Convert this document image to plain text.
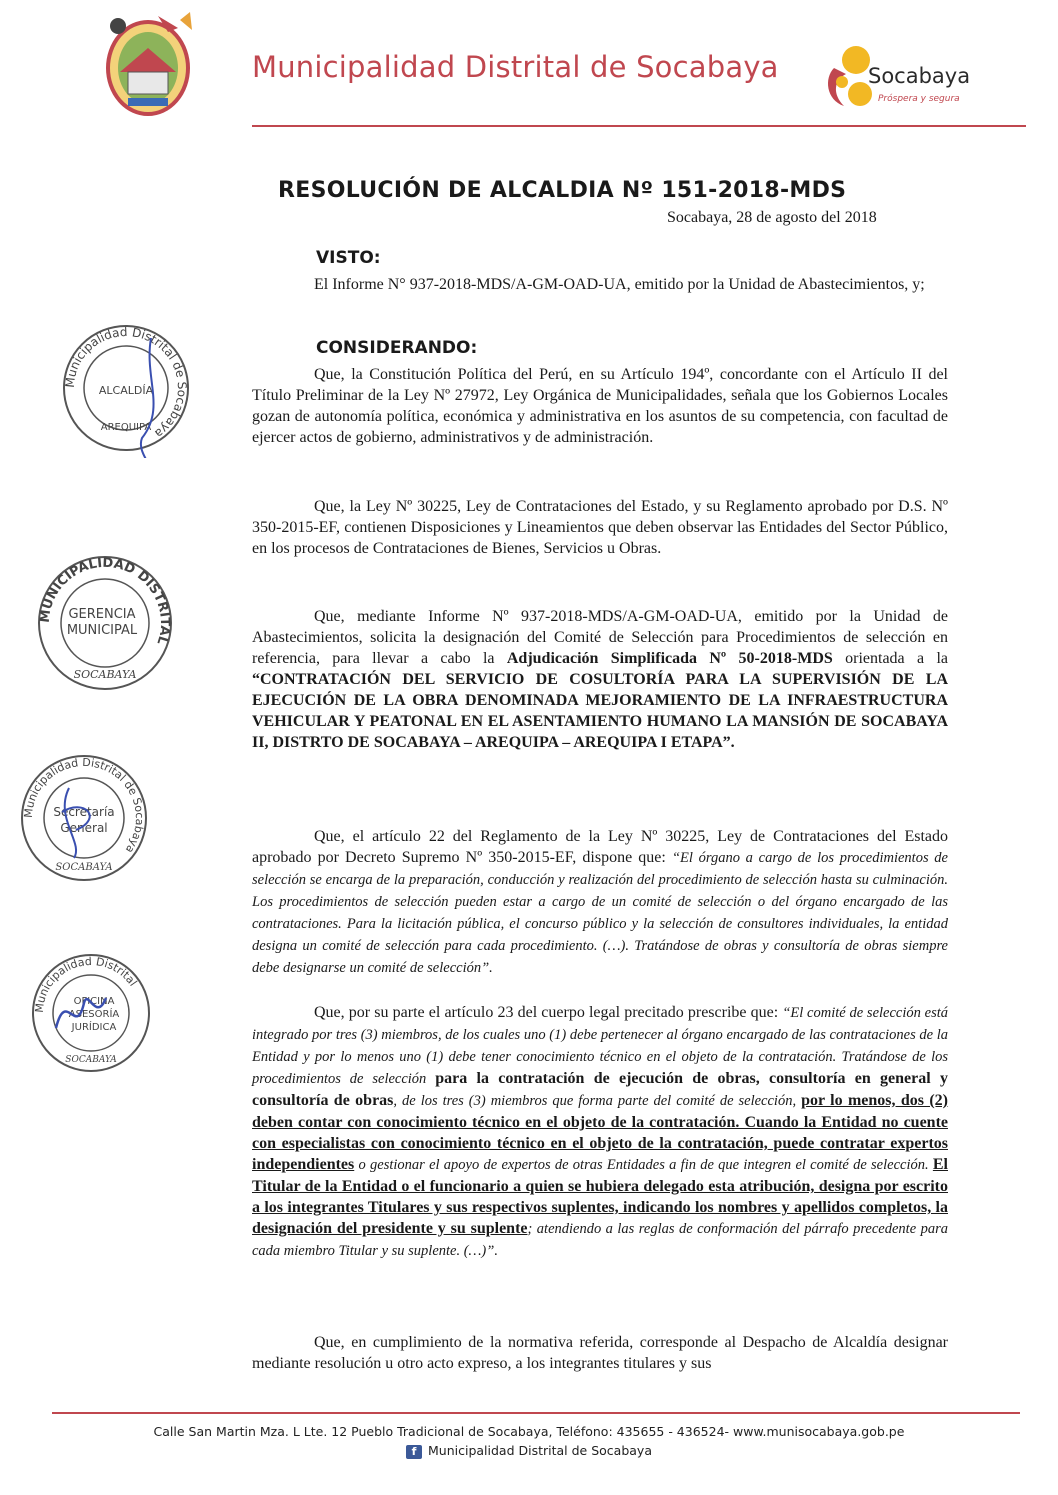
Municipalidad Distrital de Socabaya	Socabaya
Próspera y segura
RESOLUCIÓN DE ALCALDIA Nº 151-2018-MDS
Socabaya, 28 de agosto del 2018
VISTO:

El Informe N° 937-2018-MDS/A-GM-OAD-UA, emitido por la Unidad de Abastecimientos, y;

CONSIDERANDO:

Que, la Constitución Política del Perú, en su Artículo 194º, concordante con el Artículo II del Título Preliminar de la Ley Nº 27972, Ley Orgánica de Municipalidades, señala que los Gobiernos Locales gozan de autonomía política, económica y administrativa en los asuntos de su competencia, con facultad de ejercer actos de gobierno, administrativos y de administración.

Que, la Ley Nº 30225, Ley de Contrataciones del Estado, y su Reglamento aprobado por D.S. Nº 350-2015-EF, contienen Disposiciones y Lineamientos que deben observar las Entidades del Sector Público, en los procesos de Contrataciones de Bienes, Servicios u Obras.

Que, mediante Informe Nº 937-2018-MDS/A-GM-OAD-UA, emitido por la Unidad de Abastecimientos, solicita la designación del Comité de Selección para Procedimientos de selección en referencia, para llevar a cabo la Adjudicación Simplificada Nº 50-2018-MDS orientada a la “CONTRATACIÓN DEL SERVICIO DE COSULTORÍA PARA LA SUPERVISIÓN DE LA EJECUCIÓN DE LA OBRA DENOMINADA MEJORAMIENTO DE LA INFRAESTRUCTURA VEHICULAR Y PEATONAL EN EL ASENTAMIENTO HUMANO LA MANSIÓN DE SOCABAYA II, DISTRTO DE SOCABAYA – AREQUIPA – AREQUIPA I ETAPA”.

Que, el artículo 22 del Reglamento de la Ley Nº 30225, Ley de Contrataciones del Estado aprobado por Decreto Supremo Nº 350-2015-EF, dispone que: “El órgano a cargo de los procedimientos de selección se encarga de la preparación, conducción y realización del procedimiento de selección hasta su culminación. Los procedimientos de selección pueden estar a cargo de un comité de selección o del órgano encargado de las contrataciones. Para la licitación pública, el concurso público y la selección de consultores individuales, la entidad designa un comité de selección para cada procedimiento. (…). Tratándose de obras y consultoría de obras siempre debe designarse un comité de selección”.

Que, por su parte el artículo 23 del cuerpo legal precitado prescribe que: “El comité de selección está integrado por tres (3) miembros, de los cuales uno (1) debe pertenecer al órgano encargado de las contrataciones de la Entidad y por lo menos uno (1) debe tener conocimiento técnico en el objeto de la contratación. Tratándose de los procedimientos de selección para la contratación de ejecución de obras, consultoría en general y consultoría de obras, de los tres (3) miembros que forma parte del comité de selección, por lo menos, dos (2) deben contar con conocimiento técnico en el objeto de la contratación. Cuando la Entidad no cuente con especialistas con conocimiento técnico en el objeto de la contratación, puede contratar expertos independientes o gestionar el apoyo de expertos de otras Entidades a fin de que integren el comité de selección. El Titular de la Entidad o el funcionario a quien se hubiera delegado esta atribución, designa por escrito a los integrantes Titulares y sus respectivos suplentes, indicando los nombres y apellidos completos, la designación del presidente y su suplente; atendiendo a las reglas de conformación del párrafo precedente para cada miembro Titular y su suplente. (…)”.

Que, en cumplimiento de la normativa referida, corresponde al Despacho de Alcaldía designar mediante resolución u otro acto expreso, a los integrantes titulares y sus

Municipalidad Distrital de Socabaya
ALCALDÍA
AREQUIPA
MUNICIPALIDAD DISTRITAL
GERENCIA
MUNICIPAL
SOCABAYA
Municipalidad Distrital de Socabaya
Secretaría
General
SOCABAYA
Municipalidad Distrital
OFICINA
ASESORÍA
JURÍDICA
SOCABAYA
Calle San Martin Mza. L Lte. 12 Pueblo Tradicional de Socabaya, Teléfono: 435655 - 436524- www.munisocabaya.gob.pe
f Municipalidad Distrital de Socabaya
